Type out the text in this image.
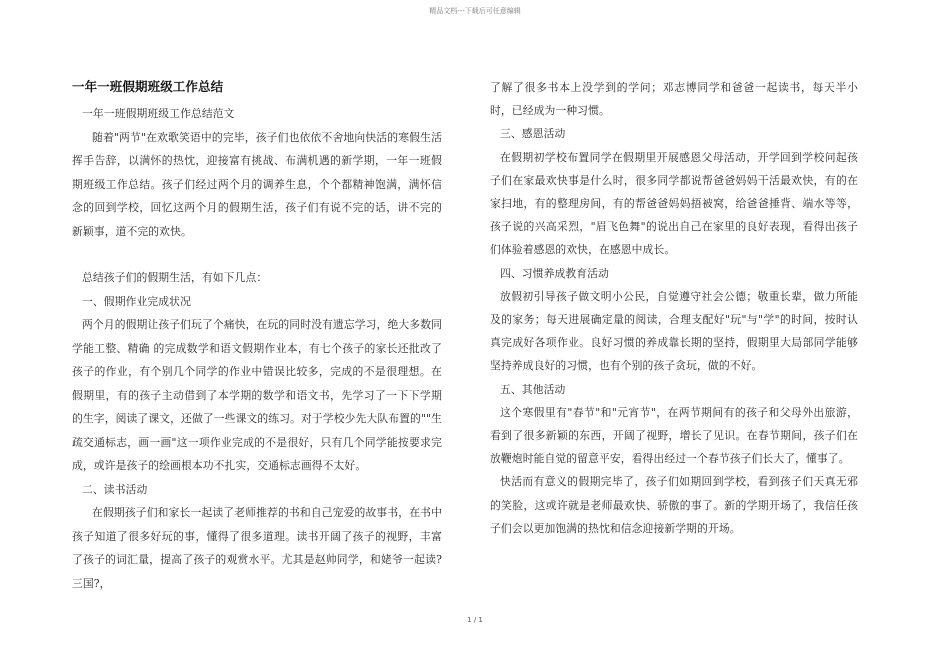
精品文档---下载后可任意编辑
一年一班假期班级工作总结
一年一班假期班级工作总结范文
随着"两节"在欢歌笑语中的完毕，孩子们也依依不舍地向快活的寒假生活挥手告辞，以满怀的热忱，迎接富有挑战、布满机遇的新学期，一年一班假期班级工作总结。孩子们经过两个月的调养生息，个个都精神饱满，满怀信念的回到学校，回忆这两个月的假期生活，孩子们有说不完的话，讲不完的新颖事，道不完的欢快。
总结孩子们的假期生活，有如下几点：
一、假期作业完成状况
两个月的假期让孩子们玩了个痛快，在玩的同时没有遗忘学习，绝大多数同学能工整、精确 的完成数学和语文假期作业本，有七个孩子的家长还批改了孩子的作业，有个别几个同学的作业中错误比较多，完成的不是很理想。在假期里，有的孩子主动借到了本学期的数学和语文书，先学习了一下下学期的生字，阅读了课文，还做了一些课文的练习。对于学校少先大队布置的""生疏交通标志，画一画"这一项作业完成的不是很好，只有几个同学能按要求完成，或许是孩子的绘画根本功不扎实，交通标志画得不太好。
二、读书活动
在假期孩子们和家长一起读了老师推荐的书和自己宠爱的故事书，在书中孩子知道了很多好玩的事，懂得了很多道理。读书开阔了孩子的视野，丰富了孩子的词汇量，提高了孩子的观赏水平。尤其是赵帅同学，和姥爷一起读?三国?，
了解了很多书本上没学到的学问；邓志博同学和爸爸一起读书，每天半小时，已经成为一种习惯。
三、感恩活动
在假期初学校布置同学在假期里开展感恩父母活动，开学回到学校问起孩子们在家最欢快事是什么时，很多同学都说帮爸爸妈妈干活最欢快，有的在家扫地，有的整理房间，有的帮爸爸妈妈捂被窝，给爸爸捶背、端水等等，孩子说的兴高采烈，"眉飞色舞"的说出自己在家里的良好表现，看得出孩子们体验着感恩的欢快，在感恩中成长。
四、习惯养成教育活动
放假初引导孩子做文明小公民，自觉遵守社会公德；敬重长辈，做力所能及的家务；每天进展确定量的阅读，合理支配好"玩"与"学"的时间，按时认真完成好各项作业。良好习惯的养成靠长期的坚持，假期里大局部同学能够坚持养成良好的习惯，也有个别的孩子贪玩，做的不好。
五、其他活动
这个寒假里有"春节"和"元宵节"，在两节期间有的孩子和父母外出旅游，看到了很多新颖的东西，开阔了视野，增长了见识。在春节期间，孩子们在放鞭炮时能自觉的留意平安，看得出经过一个春节孩子们长大了，懂事了。
快活而有意义的假期完毕了，孩子们如期回到学校，看到孩子们天真无邪的笑脸，这或许就是老师最欢快、骄傲的事了。新的学期开场了，我信任孩子们会以更加饱满的热忱和信念迎接新学期的开场。
1 / 1
